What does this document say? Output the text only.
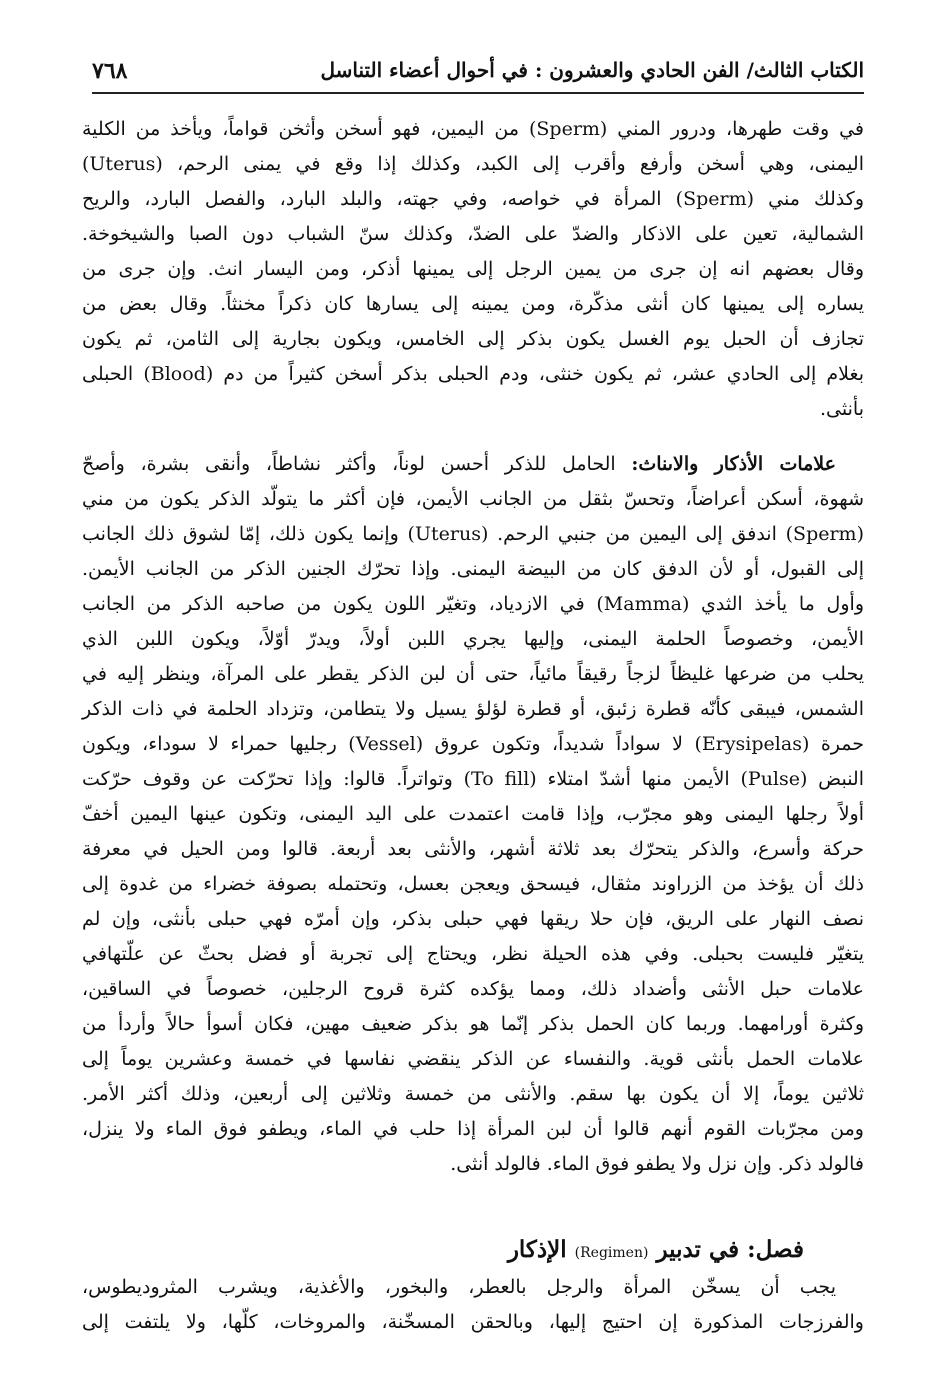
الكتاب الثالث/ الفن الحادي والعشرون : في أحوال أعضاء التناسل
٧٦٨
في وقت طهرها، ودرور المني (Sperm) من اليمين، فهو أسخن وأثخن قواماً، ويأخذ من الكلية
اليمنى، وهي أسخن وأرفع وأقرب إلى الكبد، وكذلك إذا وقع في يمنى الرحم، (Uterus)
وكذلك مني (Sperm) المرأة في خواصه، وفي جهته، والبلد البارد، والفصل البارد، والريح
الشمالية، تعين على الاذكار والضدّ على الضدّ، وكذلك سنّ الشباب دون الصبا والشيخوخة.
وقال بعضهم انه إن جرى من يمين الرجل إلى يمينها أذكر، ومن اليسار انث. وإن جرى من
يساره إلى يمينها كان أنثى مذكّرة، ومن يمينه إلى يسارها كان ذكراً مخنثاً. وقال بعض من
تجازف أن الحبل يوم الغسل يكون بذكر إلى الخامس، ويكون بجارية إلى الثامن، ثم يكون
بغلام إلى الحادي عشر، ثم يكون خنثى، ودم الحبلى بذكر أسخن كثيراً من دم (Blood) الحبلى
بأنثى.
علامات الأذكار والاىناث: الحامل للذكر أحسن لوناً، وأكثر نشاطاً، وأنقى بشرة، وأصحّ
شهوة، أسكن أعراضاً، وتحسّ بثقل من الجانب الأيمن، فإن أكثر ما يتولّد الذكر يكون من مني
(Sperm) اندفق إلى اليمين من جنبي الرحم. (Uterus) وإنما يكون ذلك، إمّا لشوق ذلك الجانب
إلى القبول، أو لأن الدفق كان من البيضة اليمنى. وإذا تحرّك الجنين الذكر من الجانب الأيمن.
وأول ما يأخذ الثدي (Mamma) في الازدياد، وتغيّر اللون يكون من صاحبه الذكر من الجانب
الأيمن، وخصوصاً الحلمة اليمنى، وإليها يجري اللبن أولاً، ويدرّ أوّلاً، ويكون اللبن الذي
يحلب من ضرعها غليظاً لزجاً رقيقاً مائياً، حتى أن لبن الذكر يقطر على المرآة، وينظر إليه في
الشمس، فيبقى كأنّه قطرة زئبق، أو قطرة لؤلؤ يسيل ولا يتطامن، وتزداد الحلمة في ذات الذكر
حمرة (Erysipelas) لا سواداً شديداً، وتكون عروق (Vessel) رجليها حمراء لا سوداء، ويكون
النبض (Pulse) الأيمن منها أشدّ امتلاء (To fill) وتواتراً. قالوا: وإذا تحرّكت عن وقوف حرّكت
أولاً رجلها اليمنى وهو مجرّب، وإذا قامت اعتمدت على اليد اليمنى، وتكون عينها اليمين أخفّ
حركة وأسرع، والذكر يتحرّك بعد ثلاثة أشهر، والأنثى بعد أربعة. قالوا ومن الحيل في معرفة
ذلك أن يؤخذ من الزراوند مثقال، فيسحق ويعجن بعسل، وتحتمله بصوفة خضراء من غدوة إلى
نصف النهار على الريق، فإن حلا ريقها فهي حبلى بذكر، وإن أمرّه فهي حبلى بأنثى، وإن لم
يتغيّر فليست بحبلى. وفي هذه الحيلة نظر، ويحتاج إلى تجربة أو فضل بحثّ عن علّتهافي
علامات حبل الأنثى وأضداد ذلك، ومما يؤكده كثرة قروح الرجلين، خصوصاً في الساقين،
وكثرة أورامهما. وربما كان الحمل بذكر إنّما هو بذكر ضعيف مهين، فكان أسوأ حالاً وأردأ من
علامات الحمل بأنثى قوية. والنفساء عن الذكر ينقضي نفاسها في خمسة وعشرين يوماً إلى
ثلاثين يوماً، إلا أن يكون بها سقم. والأنثى من خمسة وثلاثين إلى أربعين، وذلك أكثر الأمر.
ومن مجرّبات القوم أنهم قالوا أن لبن المرأة إذا حلب في الماء، ويطفو فوق الماء ولا ينزل،
فالولد ذكر. وإن نزل ولا يطفو فوق الماء. فالولد أنثى.
فصل: في تدبير (Regimen) الإذكار
يجب أن يسخّن المرأة والرجل بالعطر، والبخور، والأغذية، ويشرب المثروديطوس،
والفرزجات المذكورة إن احتيج إليها، وبالحقن المسخّنة، والمروخات، كلّها، ولا يلتفت إلى
